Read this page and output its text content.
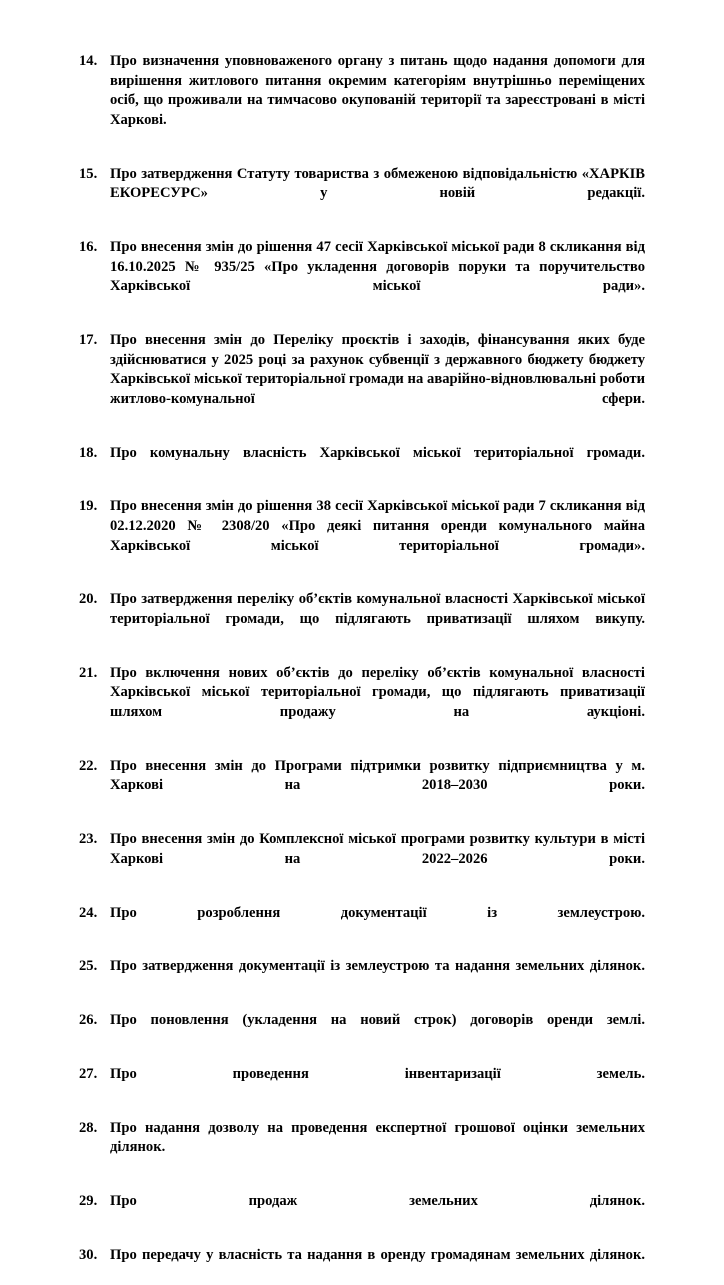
14. Про визначення уповноваженого органу з питань щодо надання допомоги для вирішення житлового питання окремим категоріям внутрішньо переміщених осіб, що проживали на тимчасово окупованій території та зареєстровані в місті Харкові.
15. Про затвердження Статуту товариства з обмеженою відповідальністю «ХАРКІВ ЕКОРЕСУРС» у новій редакції.
16. Про внесення змін до рішення 47 сесії Харківської міської ради 8 скликання від 16.10.2025 № 935/25 «Про укладення договорів поруки та поручительство Харківської міської ради».
17. Про внесення змін до Переліку проєктів і заходів, фінансування яких буде здійснюватися у 2025 році за рахунок субвенції з державного бюджету бюджету Харківської міської територіальної громади на аварійно-відновлювальні роботи житлово-комунальної сфери.
18. Про комунальну власність Харківської міської територіальної громади.
19. Про внесення змін до рішення 38 сесії Харківської міської ради 7 скликання від 02.12.2020 № 2308/20 «Про деякі питання оренди комунального майна Харківської міської територіальної громади».
20. Про затвердження переліку об’єктів комунальної власності Харківської міської територіальної громади, що підлягають приватизації шляхом викупу.
21. Про включення нових об’єктів до переліку об’єктів комунальної власності Харківської міської територіальної громади, що підлягають приватизації шляхом продажу на аукціоні.
22. Про внесення змін до Програми підтримки розвитку підприємництва у м. Харкові на 2018–2030 роки.
23. Про внесення змін до Комплексної міської програми розвитку культури в місті Харкові на 2022–2026 роки.
24. Про розроблення документації із землеустрою.
25. Про затвердження документації із землеустрою та надання земельних ділянок.
26. Про поновлення (укладення на новий строк) договорів оренди землі.
27. Про проведення інвентаризації земель.
28. Про надання дозволу на проведення експертної грошової оцінки земельних ділянок.
29. Про продаж земельних ділянок.
30. Про передачу у власність та надання в оренду громадянам земельних ділянок.
